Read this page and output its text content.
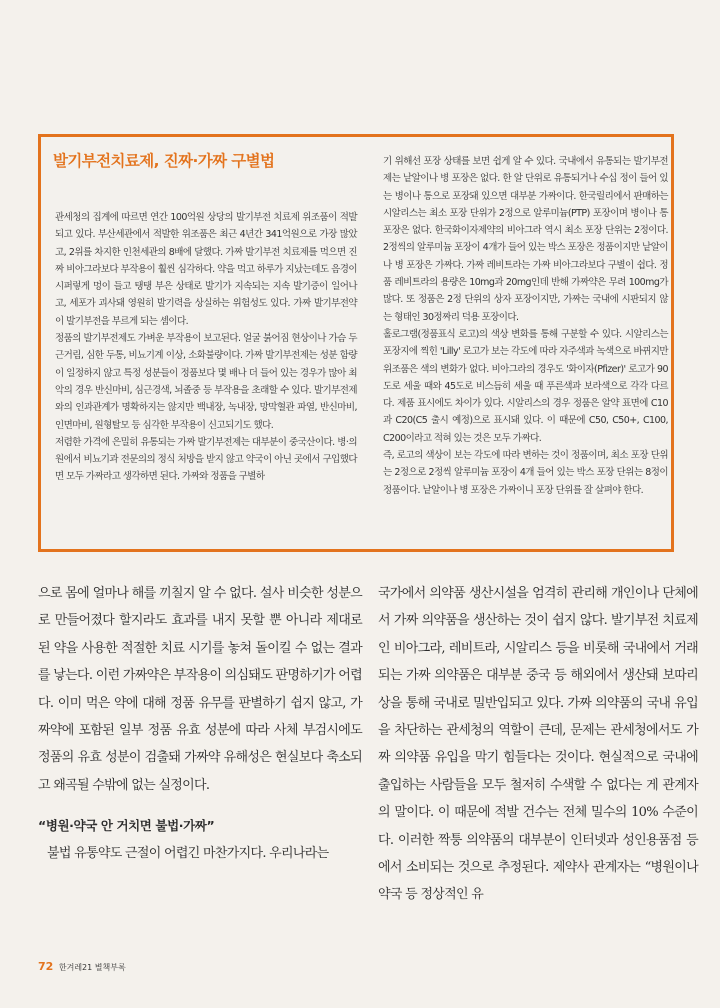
발기부전치료제, 진짜·가짜 구별법

관세청의 집계에 따르면 연간 100억원 상당의 발기부전 치료제 위조품이 적발되고 있다. 부산세관에서 적발한 위조품은 최근 4년간 341억원으로 가장 많았고, 2위를 차지한 인천세관의 8배에 달했다. 가짜 발기부전 치료제를 먹으면 진짜 비아그라보다 부작용이 훨씬 심각하다. 약을 먹고 하루가 지났는데도 음경이 시퍼렇게 멍이 들고 탱탱 부은 상태로 발기가 지속되는 지속 발기증이 일어나고, 세포가 괴사돼 영원히 발기력을 상실하는 위험성도 있다. 가짜 발기부전약이 발기부전을 부르게 되는 셈이다.

정품의 발기부전제도 가벼운 부작용이 보고된다. 얼굴 붉어짐 현상이나 가슴 두근거림, 심한 두통, 비뇨기계 이상, 소화불량이다. 가짜 발기부전제는 성분 함량이 일정하지 않고 특정 성분들이 정품보다 몇 배나 더 들어 있는 경우가 많아 최악의 경우 반신마비, 심근경색, 뇌졸중 등 부작용을 초래할 수 있다. 발기부전제와의 인과관계가 명확하지는 않지만 백내장, 녹내장, 망막혈관 파열, 반신마비, 인면마비, 원형탈모 등 심각한 부작용이 신고되기도 했다.

저렴한 가격에 은밀히 유통되는 가짜 발기부전제는 대부분이 중국산이다. 병·의원에서 비뇨기과 전문의의 정식 처방을 받지 않고 약국이 아닌 곳에서 구입했다면 모두 가짜라고 생각하면 된다. 가짜와 정품을 구별하

기 위해선 포장 상태를 보면 쉽게 알 수 있다. 국내에서 유통되는 발기부전제는 낱알이나 병 포장은 없다. 한 알 단위로 유통되거나 수십 정이 들어 있는 병이나 통으로 포장돼 있으면 대부분 가짜이다. 한국릴리에서 판매하는 시알리스는 최소 포장 단위가 2정으로 알루미늄(PTP) 포장이며 병이나 통 포장은 없다. 한국화이자제약의 비아그라 역시 최소 포장 단위는 2정이다. 2정씩의 알루미늄 포장이 4개가 들어 있는 박스 포장은 정품이지만 낱알이나 병 포장은 가짜다. 가짜 레비트라는 가짜 비아그라보다 구별이 쉽다. 정품 레비트라의 용량은 10mg과 20mg인데 반해 가짜약은 무려 100mg가 많다. 또 정품은 2정 단위의 상자 포장이지만, 가짜는 국내에 시판되지 않는 형태인 30정짜리 덕용 포장이다.

홀로그램(정품표식 로고)의 색상 변화를 통해 구분할 수 있다. 시알리스는 포장지에 찍힌 'Lilly' 로고가 보는 각도에 따라 자주색과 녹색으로 바뀌지만 위조품은 색의 변화가 없다. 비아그라의 경우도 '화이자(Pfizer)' 로고가 90도로 세울 때와 45도로 비스듬히 세울 때 푸른색과 보라색으로 각각 다르다. 제품 표시에도 차이가 있다. 시알리스의 경우 정품은 알약 표면에 C10과 C20(C5 출시 예정)으로 표시돼 있다. 이 때문에 C50, C50+, C100, C200이라고 적혀 있는 것은 모두 가짜다.

즉, 로고의 색상이 보는 각도에 따라 변하는 것이 정품이며, 최소 포장 단위는 2정으로 2정씩 알루미늄 포장이 4개 들어 있는 박스 포장 단위는 8정이 정품이다. 낱알이나 병 포장은 가짜이니 포장 단위를 잘 살펴야 한다.

으로 몸에 얼마나 해를 끼칠지 알 수 없다. 설사 비슷한 성분으로 만들어졌다 할지라도 효과를 내지 못할 뿐 아니라 제대로 된 약을 사용한 적절한 치료 시기를 놓쳐 돌이킬 수 없는 결과를 낳는다. 이런 가짜약은 부작용이 의심돼도 판명하기가 어렵다. 이미 먹은 약에 대해 정품 유무를 판별하기 쉽지 않고, 가짜약에 포함된 일부 정품 유효 성분에 따라 사체 부검시에도 정품의 유효 성분이 검출돼 가짜약 유해성은 현실보다 축소되고 왜곡될 수밖에 없는 실정이다.

“병원·약국 안 거치면 불법·가짜”

불법 유통약도 근절이 어렵긴 마찬가지다. 우리나라는

국가에서 의약품 생산시설을 엄격히 관리해 개인이나 단체에서 가짜 의약품을 생산하는 것이 쉽지 않다. 발기부전 치료제인 비아그라, 레비트라, 시알리스 등을 비롯해 국내에서 거래되는 가짜 의약품은 대부분 중국 등 해외에서 생산돼 보따리상을 통해 국내로 밀반입되고 있다. 가짜 의약품의 국내 유입을 차단하는 관세청의 역할이 큰데, 문제는 관세청에서도 가짜 의약품 유입을 막기 힘들다는 것이다. 현실적으로 국내에 출입하는 사람들을 모두 철저히 수색할 수 없다는 게 관계자의 말이다. 이 때문에 적발 건수는 전체 밀수의 10% 수준이다. 이러한 짝퉁 의약품의 대부분이 인터넷과 성인용품점 등에서 소비되는 것으로 추정된다. 제약사 관계자는 “병원이나 약국 등 정상적인 유

72 한겨레21 별책부록
